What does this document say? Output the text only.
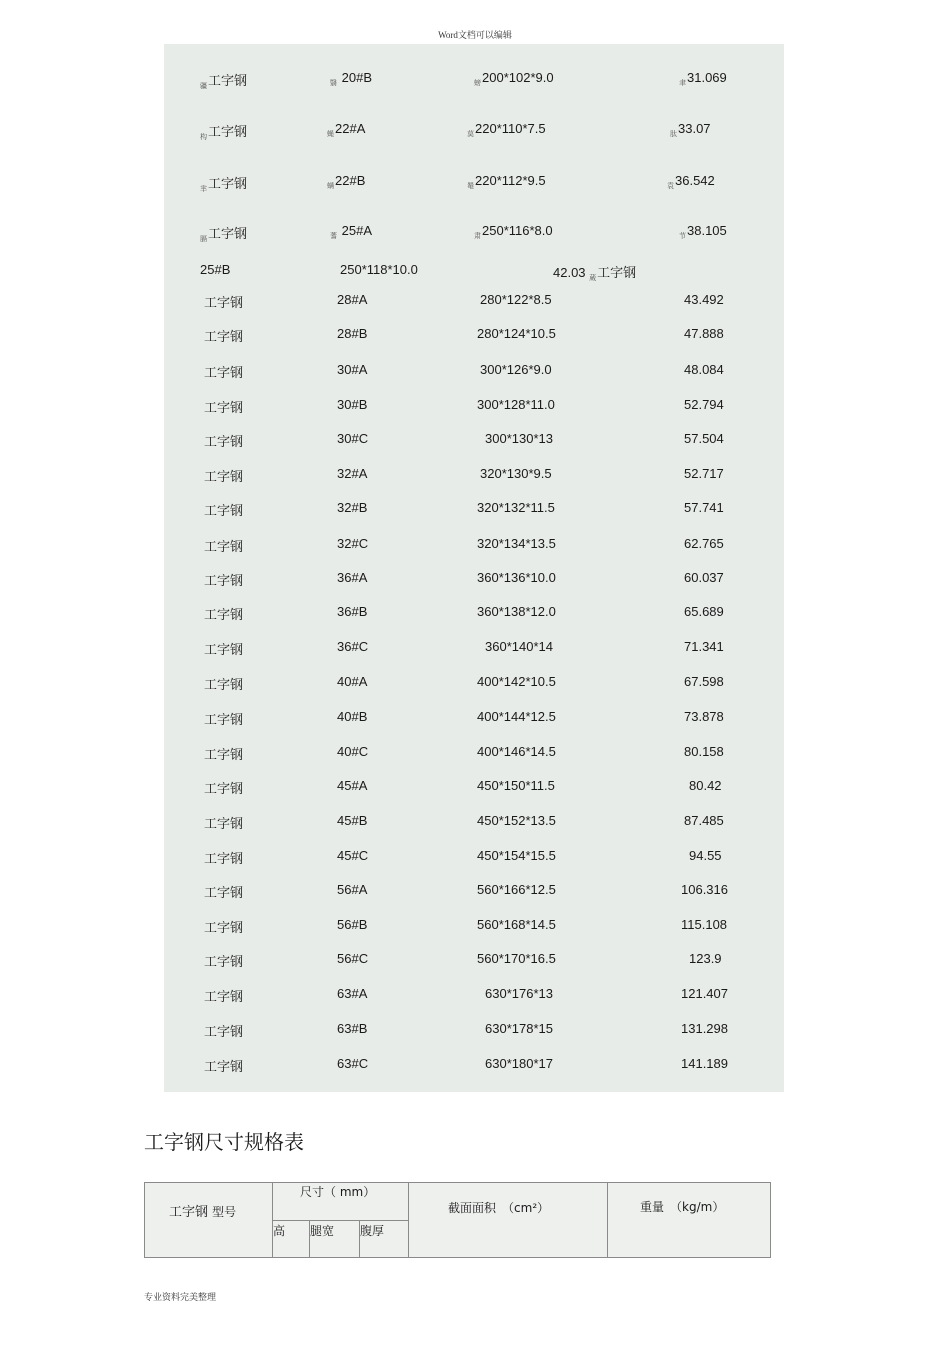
Word文档可以编辑
$_疆$工字钢	$_翳$ 20#B	$_螃$200*102*9.0	$_聿$31.069
$_构$工字钢	$_蝇$22#A	$_莫$220*110*7.5	$_肽$33.07
$_芈$工字钢	$_螨$22#B	$_罨$220*112*9.5	$_袁$36.542
$_膈$工字钢	$_蓍$ 25#A	$_肃$250*116*8.0	$_节$38.105
25#B	250*118*10.0	42.03 $_蒇$工字钢
工字钢	28#A	280*122*8.5	43.492
工字钢	28#B	280*124*10.5	47.888
工字钢	30#A	300*126*9.0	48.084
工字钢	30#B	300*128*11.0	52.794
工字钢	30#C	300*130*13	57.504
工字钢	32#A	320*130*9.5	52.717
工字钢	32#B	320*132*11.5	57.741
工字钢	32#C	320*134*13.5	62.765
工字钢	36#A	360*136*10.0	60.037
工字钢	36#B	360*138*12.0	65.689
工字钢	36#C	360*140*14	71.341
工字钢	40#A	400*142*10.5	67.598
工字钢	40#B	400*144*12.5	73.878
工字钢	40#C	400*146*14.5	80.158
工字钢	45#A	450*150*11.5	80.42
工字钢	45#B	450*152*13.5	87.485
工字钢	45#C	450*154*15.5	94.55
工字钢	56#A	560*166*12.5	106.316
工字钢	56#B	560*168*14.5	115.108
工字钢	56#C	560*170*16.5	123.9
工字钢	63#A	630*176*13	121.407
工字钢	63#B	630*178*15	131.298
工字钢	63#C	630*180*17	141.189
工字钢尺寸规格表
工字钢 型号
尺寸（ mm）
高 腿宽 腹厚
截面面积　 （cm²）	重量　 （kg/m）
专业资料完美整理
